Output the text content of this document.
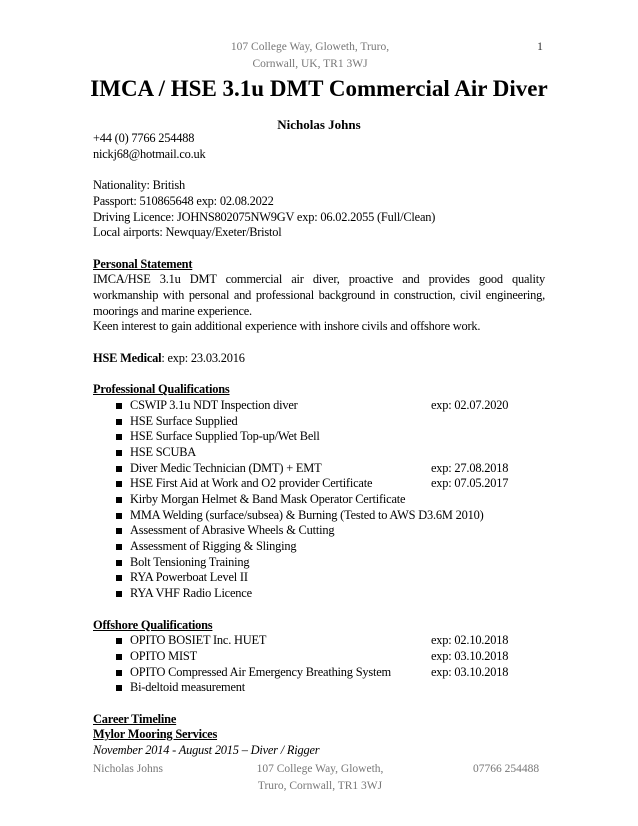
107 College Way, Gloweth, Truro,
Cornwall, UK, TR1 3WJ
1
IMCA / HSE 3.1u DMT Commercial Air Diver
Nicholas Johns

+44 (0) 7766 254488

nickj68@hotmail.co.uk

Nationality: British

Passport: 510865648 exp: 02.08.2022

Driving Licence: JOHNS802075NW9GV exp: 06.02.2055 (Full/Clean)

Local airports: Newquay/Exeter/Bristol

Personal Statement

IMCA/HSE 3.1u DMT commercial air diver, proactive and provides good quality workmanship with personal and professional background in construction, civil engineering, moorings and marine experience.

Keen interest to gain additional experience with inshore civils and offshore work.

HSE Medical: exp: 23.03.2016

Professional Qualifications

CSWIP 3.1u NDT Inspection diver	exp: 02.07.2020
HSE Surface Supplied
HSE Surface Supplied Top-up/Wet Bell
HSE SCUBA
Diver Medic Technician (DMT) + EMT	exp: 27.08.2018
HSE First Aid at Work and O2 provider Certificate	exp: 07.05.2017
Kirby Morgan Helmet & Band Mask Operator Certificate
MMA Welding (surface/subsea) & Burning (Tested to AWS D3.6M 2010)
Assessment of Abrasive Wheels & Cutting
Assessment of Rigging & Slinging
Bolt Tensioning Training
RYA Powerboat Level II
RYA VHF Radio Licence

Offshore Qualifications

OPITO BOSIET Inc. HUET	exp: 02.10.2018
OPITO MIST	exp: 03.10.2018
OPITO Compressed Air Emergency Breathing System	exp: 03.10.2018
Bi-deltoid measurement

Career Timeline

Mylor Mooring Services

November 2014 - August 2015 – Diver / Rigger

Nicholas Johns	107 College Way, Gloweth,
Truro, Cornwall, TR1 3WJ
07766 254488
